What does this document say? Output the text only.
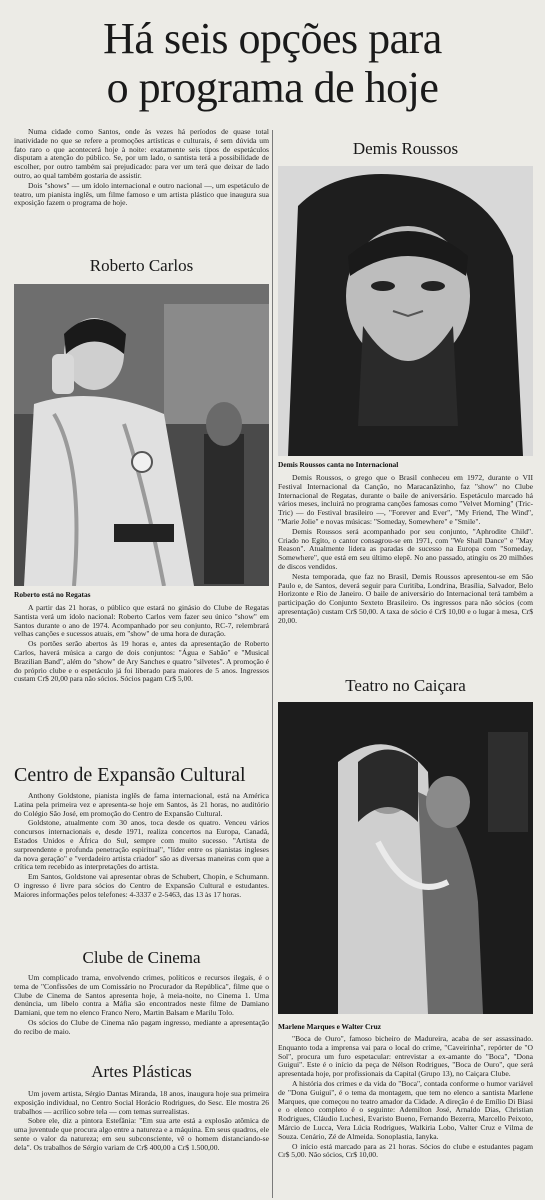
Há seis opções para
o programa de hoje

Numa cidade como Santos, onde às vezes há períodos de quase total inatividade no que se refere a promoções artísticas e culturais, é sem dúvida um fato raro o que acontecerá hoje à noite: exatamente seis tipos de espetáculos disputam a atenção do público. Se, por um lado, o santista terá a possibilidade de escolher, por outro também sai prejudicado: para ver um terá que deixar de lado outro, ao qual também gostaria de assistir.

Dois "shows" — um ídolo internacional e outro nacional —, um espetáculo de teatro, um pianista inglês, um filme famoso e um artista plástico que inaugura sua exposição fazem o programa de hoje.

Roberto Carlos
Roberto está no Regatas

A partir das 21 horas, o público que estará no ginásio do Clube de Regatas Santista verá um ídolo nacional: Roberto Carlos vem fazer seu único "show" em Santos durante o ano de 1974. Acompanhado por seu conjunto, RC-7, relembrará velhas canções e sucessos atuais, em "show" de uma hora de duração.

Os portões serão abertos às 19 horas e, antes da apresentação de Roberto Carlos, haverá música a cargo de dois conjuntos: "Água e Sabão" e "Musical Brazilian Band", além do "show" de Ary Sanches e quatro "silvetes". A promoção é do próprio clube e o espetáculo já foi liberado para maiores de 5 anos. Ingressos custam Cr$ 20,00 para não sócios. Sócios pagam Cr$ 5,00.

Centro de Expansão Cultural

Anthony Goldstone, pianista inglês de fama internacional, está na América Latina pela primeira vez e apresenta-se hoje em Santos, às 21 horas, no auditório do Colégio São José, em promoção do Centro de Expansão Cultural.

Goldstone, atualmente com 30 anos, toca desde os quatro. Venceu vários concursos internacionais e, desde 1971, realiza concertos na Europa, Canadá, Estados Unidos e África do Sul, sempre com muito sucesso. "Artista de surpreendente e profunda penetração espiritual", "líder entre os pianistas ingleses da nova geração" e "verdadeiro artista criador" são as diversas maneiras com que a crítica tem recebido as interpretações do artista.

Em Santos, Goldstone vai apresentar obras de Schubert, Chopin, e Schumann. O ingresso é livre para sócios do Centro de Expansão Cultural e estudantes. Maiores informações pelos telefones: 4-3337 e 2-5463, das 13 às 17 horas.

Clube de Cinema

Um complicado trama, envolvendo crimes, políticos e recursos ilegais, é o tema de "Confissões de um Comissário no Procurador da República", filme que o Clube de Cinema de Santos apresenta hoje, à meia-noite, no Cinema 1. Uma denúncia, um libelo contra a Máfia são encontrados neste filme de Damiano Damiani, que tem no elenco Franco Nero, Martin Balsam e Marilu Tolo.

Os sócios do Clube de Cinema não pagam ingresso, mediante a apresentação do recibo de maio.

Artes Plásticas

Um jovem artista, Sérgio Dantas Miranda, 18 anos, inaugura hoje sua primeira exposição individual, no Centro Social Horácio Rodrigues, do Sesc. Ele mostra 26 trabalhos — acrílico sobre tela — com temas surrealistas.

Sobre ele, diz a pintora Estefânia: "Em sua arte está a explosão atômica de uma juventude que procura algo entre a natureza e a máquina. Em seus quadros, ele sente o valor da natureza; em seu subconsciente, vê o homem distanciando-se dela". Os trabalhos de Sérgio variam de Cr$ 400,00 a Cr$ 1.500,00.

Demis Roussos
Demis Roussos canta no Internacional

Demis Roussos, o grego que o Brasil conheceu em 1972, durante o VII Festival Internacional da Canção, no Maracanãzinho, faz "show" no Clube Internacional de Regatas, durante o baile de aniversário. Espetáculo marcado há vários meses, incluirá no programa canções famosas como "Velvet Morning" (Tric-Tric) — do Festival brasileiro —, "Forever and Ever", "My Friend, The Wind", "Marie Jolie" e novas músicas: "Someday, Somewhere" e "Smile".

Demis Roussos será acompanhado por seu conjunto, "Aphrodite Child". Criado no Egito, o cantor consagrou-se em 1971, com "We Shall Dance" e "May Reason". Atualmente lidera as paradas de sucesso na Europa com "Someday, Somewhere", que está em seu último elepê. No ano passado, atingiu os 20 milhões de discos vendidos.

Nesta temporada, que faz no Brasil, Demis Roussos apresentou-se em São Paulo e, de Santos, deverá seguir para Curitiba, Londrina, Brasília, Salvador, Belo Horizonte e Rio de Janeiro. O baile de aniversário do Internacional terá também a participação do Conjunto Sexteto Brasileiro. Os ingressos para não sócios (com apresentação) custam Cr$ 50,00. A taxa de sócio é Cr$ 10,00 e o lugar à mesa, Cr$ 20,00.

Teatro no Caiçara
Marlene Marques e Walter Cruz

"Boca de Ouro", famoso bicheiro de Madureira, acaba de ser assassinado. Enquanto toda a imprensa vai para o local do crime, "Caveirinha", repórter de "O Sol", procura um furo espetacular: entrevistar a ex-amante do "Boca", "Dona Guigui". Este é o início da peça de Nélson Rodrigues, "Boca de Ouro", que será apresentada hoje, por profissionais da Capital (Grupo 13), no Caiçara Clube.

A história dos crimes e da vida do "Boca", contada conforme o humor variável de "Dona Guigui", é o tema da montagem, que tem no elenco a santista Marlene Marques, que começou no teatro amador da Cidade. A direção é de Emílio Di Biasi e o elenco completo é o seguinte: Ademilton José, Arnaldo Dias, Christian Rodrigues, Cláudio Luchesi, Evaristo Bueno, Fernando Bezerra, Marcello Peixoto, Márcio de Lucca, Vera Lúcia Rodrigues, Walkiria Lobo, Valter Cruz e Vilma de Souza. Cenário, Zé de Almeida. Sonoplastia, Ianyka.

O início está marcado para as 21 horas. Sócios do clube e estudantes pagam Cr$ 5,00. Não sócios, Cr$ 10,00.
